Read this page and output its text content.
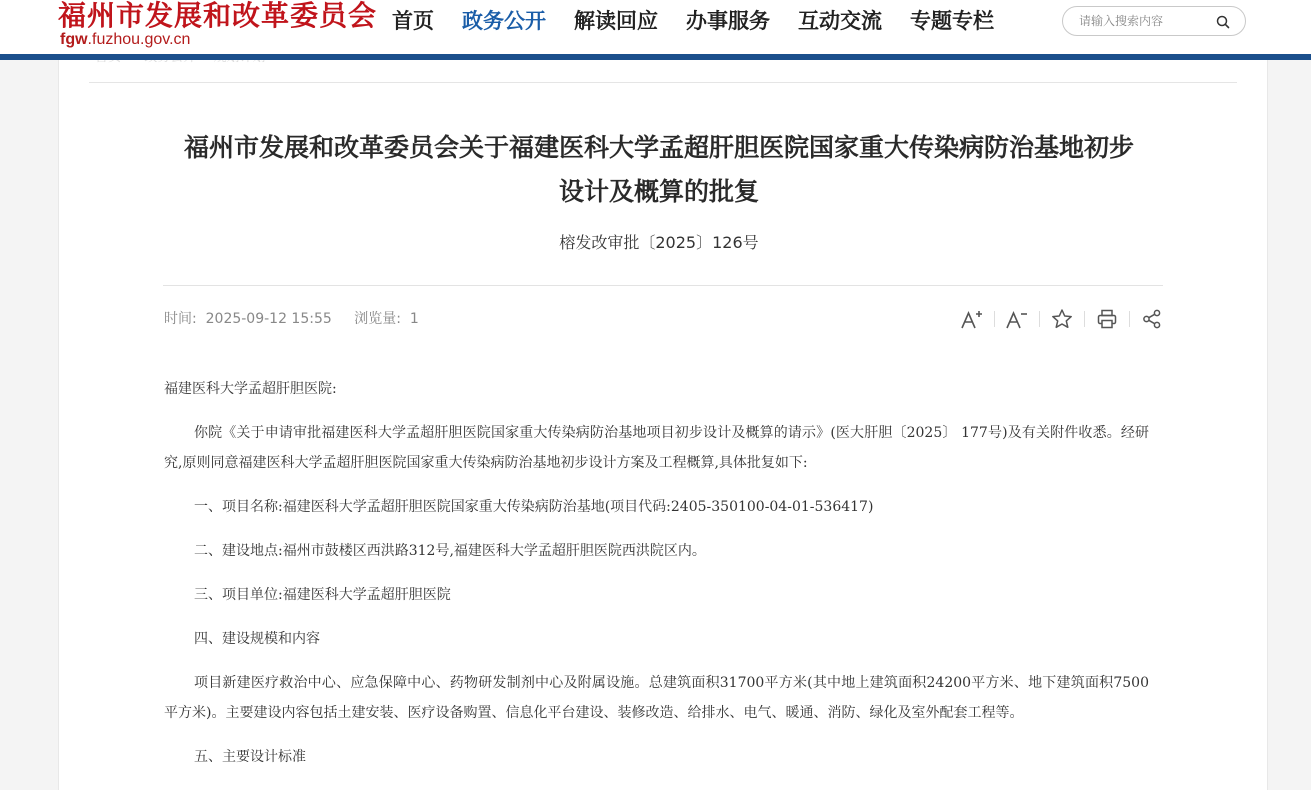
福州市发展和改革委员会
fgw.fuzhou.gov.cn
首页 政务公开 解读回应 办事服务 互动交流 专题专栏
请输入搜索内容
福州市发展和改革委员会关于福建医科大学孟超肝胆医院国家重大传染病防治基地初步
设计及概算的批复
榕发改审批〔2025〕126号
时间: 2025-09-12 15:55 浏览量: 1

福建医科大学孟超肝胆医院:

你院《关于申请审批福建医科大学孟超肝胆医院国家重大传染病防治基地项目初步设计及概算的请示》(医大肝胆〔2025〕 177号)及有关附件收悉。经研究,原则同意福建医科大学孟超肝胆医院国家重大传染病防治基地初步设计方案及工程概算,具体批复如下:

一、项目名称:福建医科大学孟超肝胆医院国家重大传染病防治基地(项目代码:2405-350100-04-01-536417)

二、建设地点:福州市鼓楼区西洪路312号,福建医科大学孟超肝胆医院西洪院区内。

三、项目单位:福建医科大学孟超肝胆医院

四、建设规模和内容

项目新建医疗救治中心、应急保障中心、药物研发制剂中心及附属设施。总建筑面积31700平方米(其中地上建筑面积24200平方米、地下建筑面积7500平方米)。主要建设内容包括土建安装、医疗设备购置、信息化平台建设、装修改造、给排水、电气、暖通、消防、绿化及室外配套工程等。

五、主要设计标准
